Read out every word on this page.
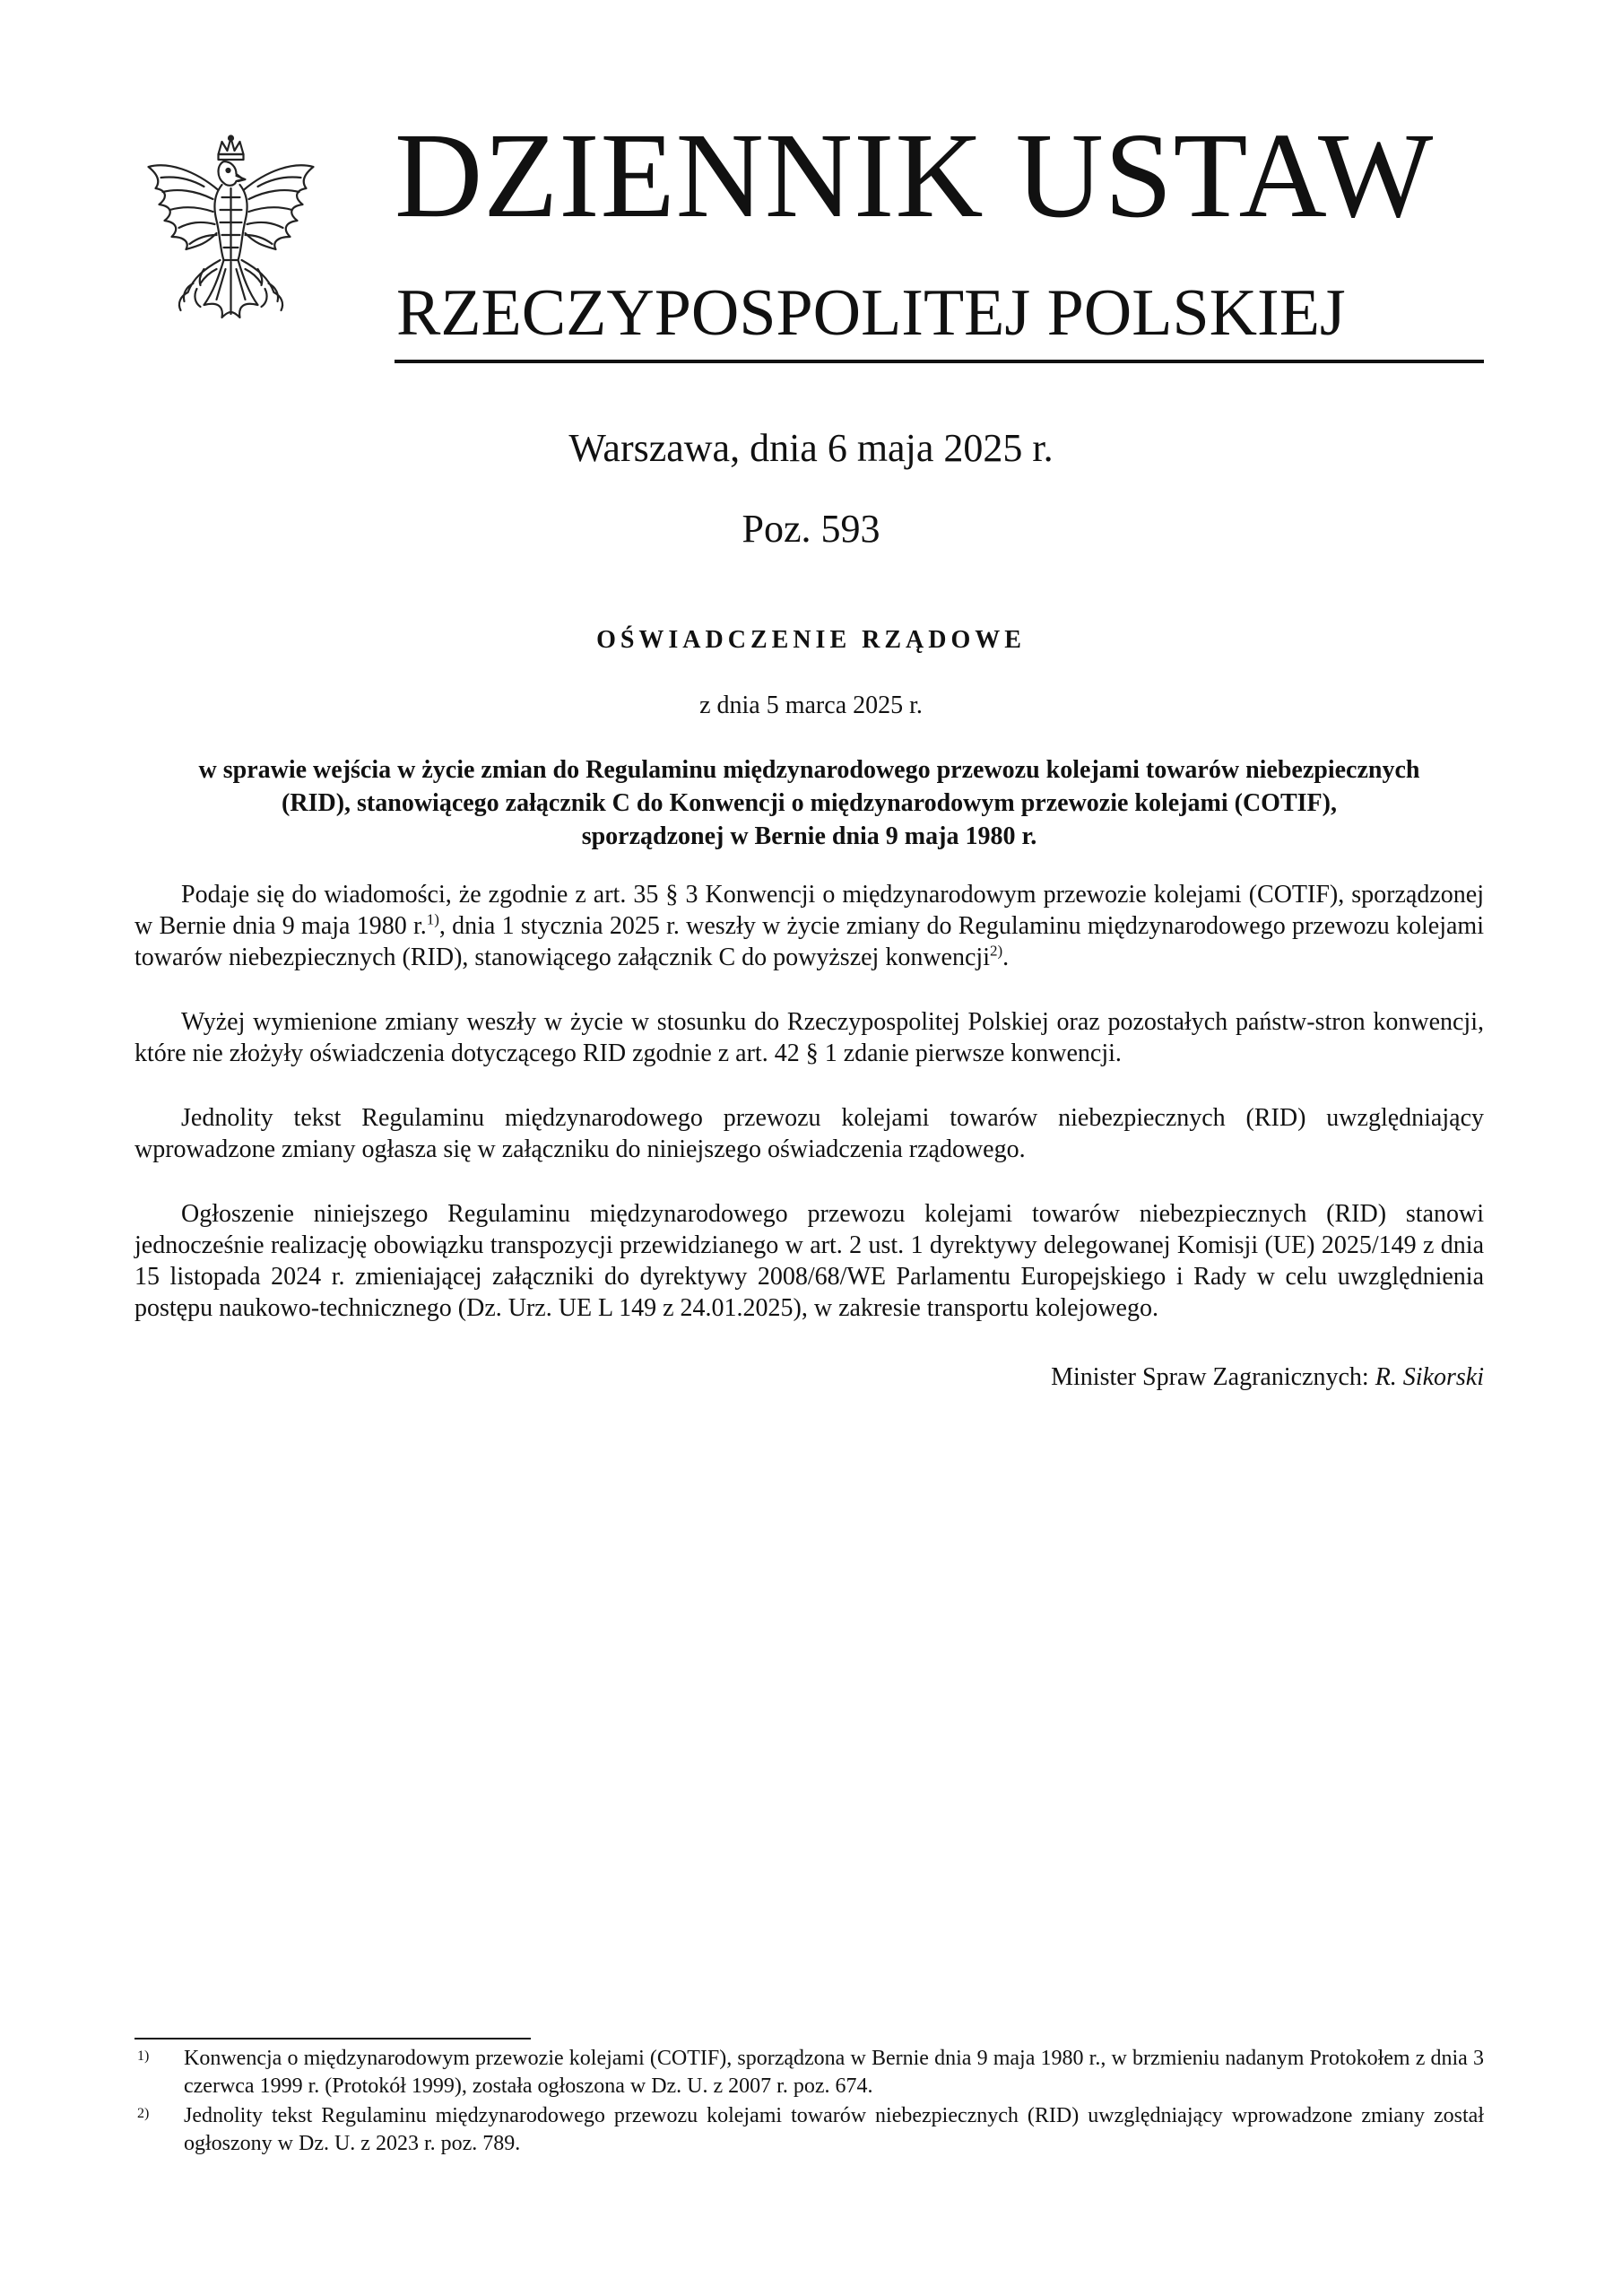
DZIENNIK USTAW
RZECZYPOSPOLITEJ POLSKIEJ
Warszawa, dnia 6 maja 2025 r.
Poz. 593
OŚWIADCZENIE RZĄDOWE
z dnia 5 marca 2025 r.
w sprawie wejścia w życie zmian do Regulaminu międzynarodowego przewozu kolejami towarów niebezpiecznych
(RID), stanowiącego załącznik C do Konwencji o międzynarodowym przewozie kolejami (COTIF),
sporządzonej w Bernie dnia 9 maja 1980 r.

Podaje się do wiadomości, że zgodnie z art. 35 § 3 Konwencji o międzynarodowym przewozie kolejami (COTIF), sporządzonej w Bernie dnia 9 maja 1980 r.$^{1)}$, dnia 1 stycznia 2025 r. weszły w życie zmiany do Regulaminu międzynarodowego przewozu kolejami towarów niebezpiecznych (RID), stanowiącego załącznik C do powyższej konwencji$^{2)}$.

Wyżej wymienione zmiany weszły w życie w stosunku do Rzeczypospolitej Polskiej oraz pozostałych państw-stron konwencji, które nie złożyły oświadczenia dotyczącego RID zgodnie z art. 42 § 1 zdanie pierwsze konwencji.

Jednolity tekst Regulaminu międzynarodowego przewozu kolejami towarów niebezpiecznych (RID) uwzględniający wprowadzone zmiany ogłasza się w załączniku do niniejszego oświadczenia rządowego.

Ogłoszenie niniejszego Regulaminu międzynarodowego przewozu kolejami towarów niebezpiecznych (RID) stanowi jednocześnie realizację obowiązku transpozycji przewidzianego w art. 2 ust. 1 dyrektywy delegowanej Komisji (UE) 2025/149 z dnia 15 listopada 2024 r. zmieniającej załączniki do dyrektywy 2008/68/WE Parlamentu Europejskiego i Rady w celu uwzględnienia postępu naukowo-technicznego (Dz. Urz. UE L 149 z 24.01.2025), w zakresie transportu kolejowego.

Minister Spraw Zagranicznych: R. Sikorski
1) Konwencja o międzynarodowym przewozie kolejami (COTIF), sporządzona w Bernie dnia 9 maja 1980 r., w brzmieniu nadanym Protokołem z dnia 3 czerwca 1999 r. (Protokół 1999), została ogłoszona w Dz. U. z 2007 r. poz. 674.
2) Jednolity tekst Regulaminu międzynarodowego przewozu kolejami towarów niebezpiecznych (RID) uwzględniający wprowadzone zmiany został ogłoszony w Dz. U. z 2023 r. poz. 789.
